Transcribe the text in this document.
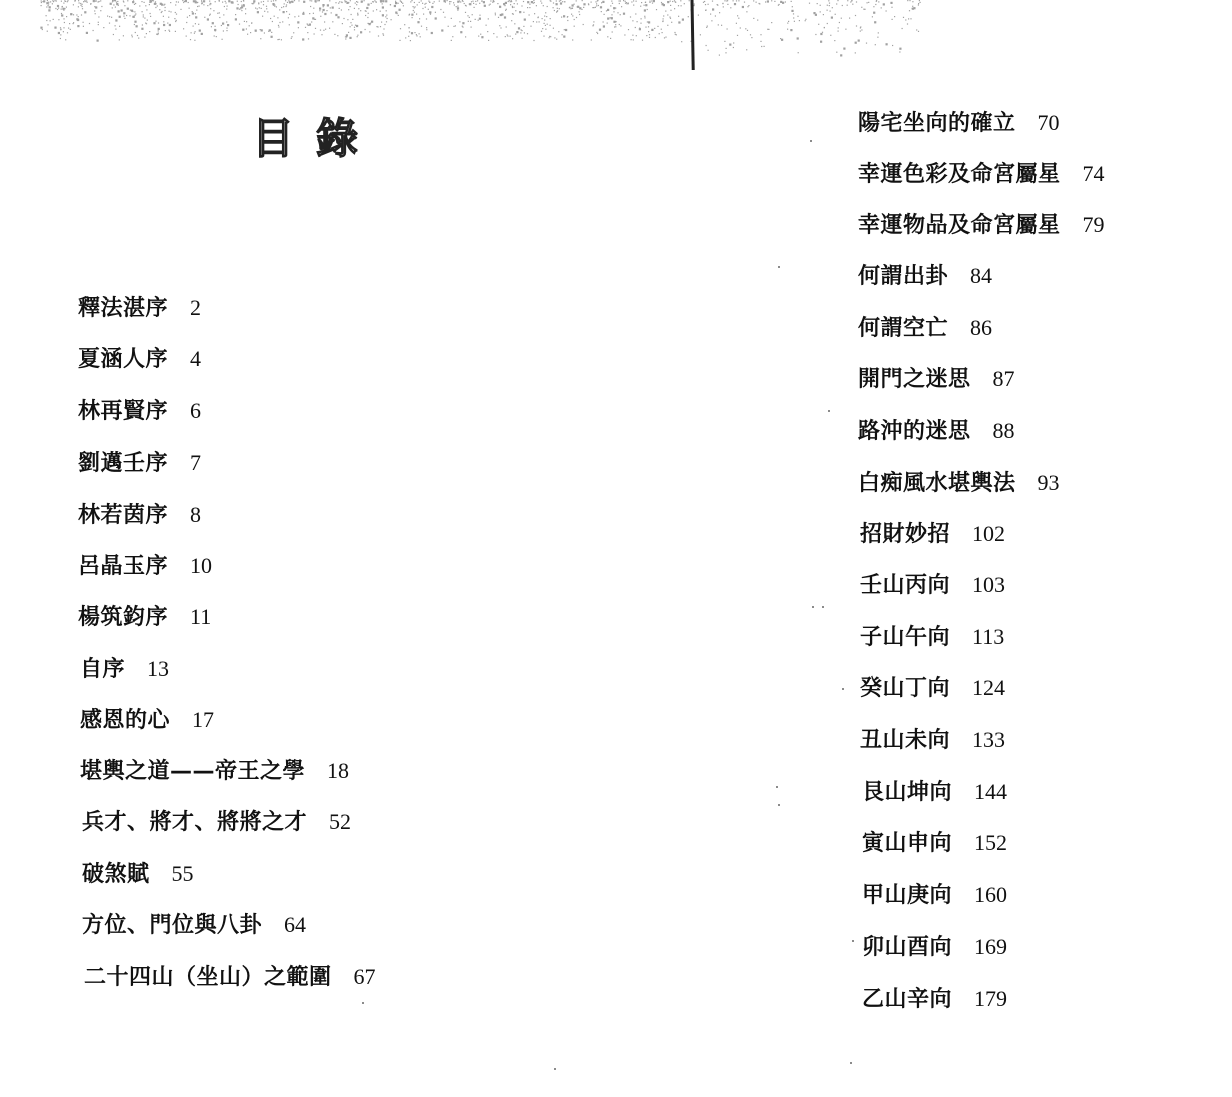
目錄
釋法湛序 2
夏涵人序 4
林再賢序 6
劉邁壬序 7
林若茵序 8
呂晶玉序 10
楊筑鈞序 11
自序 13
感恩的心 17
堪輿之道——帝王之學 18
兵才、將才、將將之才 52
破煞賦 55
方位、門位與八卦 64
二十四山（坐山）之範圍 67
陽宅坐向的確立 70
幸運色彩及命宮屬星 74
幸運物品及命宮屬星 79
何謂出卦 84
何謂空亡 86
開門之迷思 87
路沖的迷思 88
白痴風水堪輿法 93
招財妙招 102
壬山丙向 103
子山午向 113
癸山丁向 124
丑山未向 133
艮山坤向 144
寅山申向 152
甲山庚向 160
卯山酉向 169
乙山辛向 179
